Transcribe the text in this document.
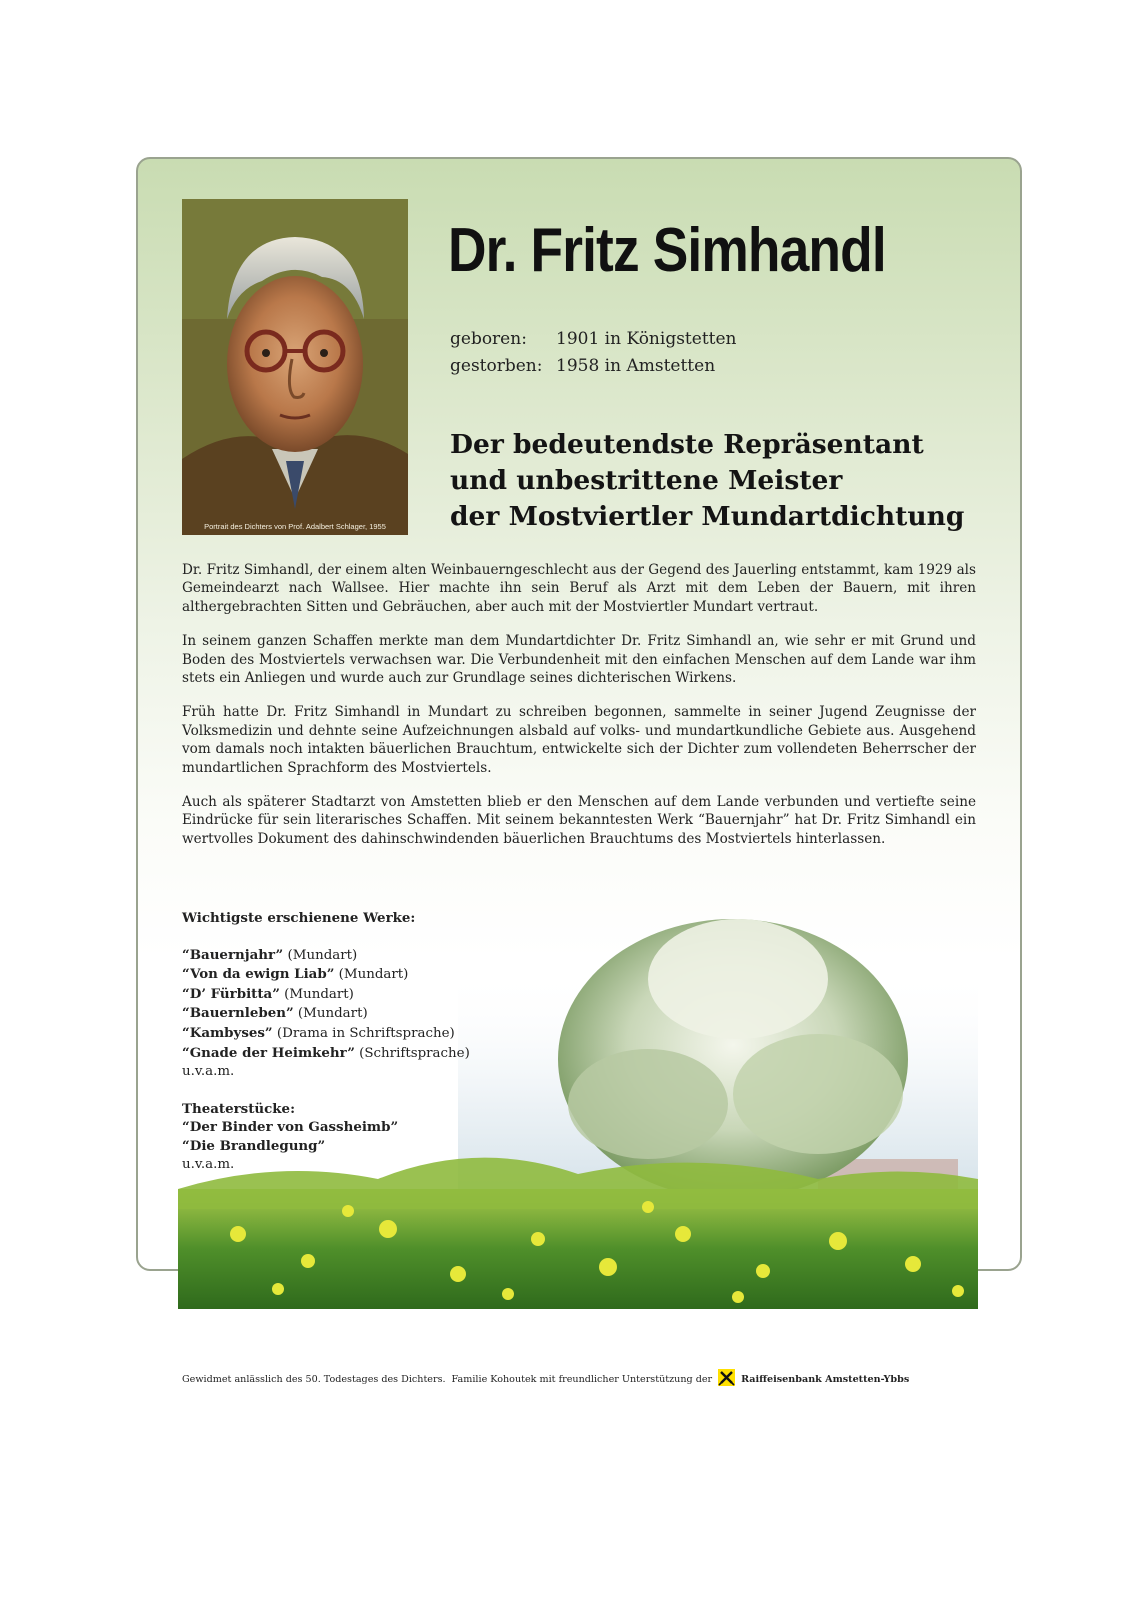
Portrait des Dichters von Prof. Adalbert Schlager, 1955
Dr. Fritz Simhandl
geboren: 1901 in Königstetten
gestorben: 1958 in Amstetten
Der bedeutendste Repräsentant
und unbestrittene Meister
der Mostviertler Mundartdichtung

Dr. Fritz Simhandl, der einem alten Weinbauerngeschlecht aus der Gegend des Jauerling entstammt, kam 1929 als Gemeindearzt nach Wallsee. Hier machte ihn sein Beruf als Arzt mit dem Leben der Bauern, mit ihren althergebrachten Sitten und Gebräuchen, aber auch mit der Mostviertler Mundart vertraut.

In seinem ganzen Schaffen merkte man dem Mundartdichter Dr. Fritz Simhandl an, wie sehr er mit Grund und Boden des Mostviertels verwachsen war. Die Verbundenheit mit den einfachen Menschen auf dem Lande war ihm stets ein Anliegen und wurde auch zur Grundlage seines dichterischen Wirkens.

Früh hatte Dr. Fritz Simhandl in Mundart zu schreiben begonnen, sammelte in seiner Jugend Zeugnisse der Volksmedizin und dehnte seine Aufzeichnungen alsbald auf volks- und mundartkundliche Gebiete aus. Ausgehend vom damals noch intakten bäuerlichen Brauchtum, entwickelte sich der Dichter zum vollendeten Beherrscher der mundartlichen Sprachform des Mostviertels.

Auch als späterer Stadtarzt von Amstetten blieb er den Menschen auf dem Lande verbunden und vertiefte seine Eindrücke für sein literarisches Schaffen. Mit seinem bekanntesten Werk “Bauernjahr” hat Dr. Fritz Simhandl ein wertvolles Dokument des dahinschwindenden bäuerlichen Brauchtums des Mostviertels hinterlassen.

Wichtigste erschienene Werke:
“Bauernjahr” (Mundart)
“Von da ewign Liab” (Mundart)
“D’ Fürbitta” (Mundart)
“Bauernleben” (Mundart)
“Kambyses” (Drama in Schriftsprache)
“Gnade der Heimkehr” (Schriftsprache)
u.v.a.m.
Theaterstücke:
“Der Binder von Gassheimb”
“Die Brandlegung”
u.v.a.m.
Gewidmet anlässlich des 50. Todestages des Dichters. Familie Kohoutek mit freundlicher Unterstützung der	Raiffeisenbank Amstetten-Ybbs
